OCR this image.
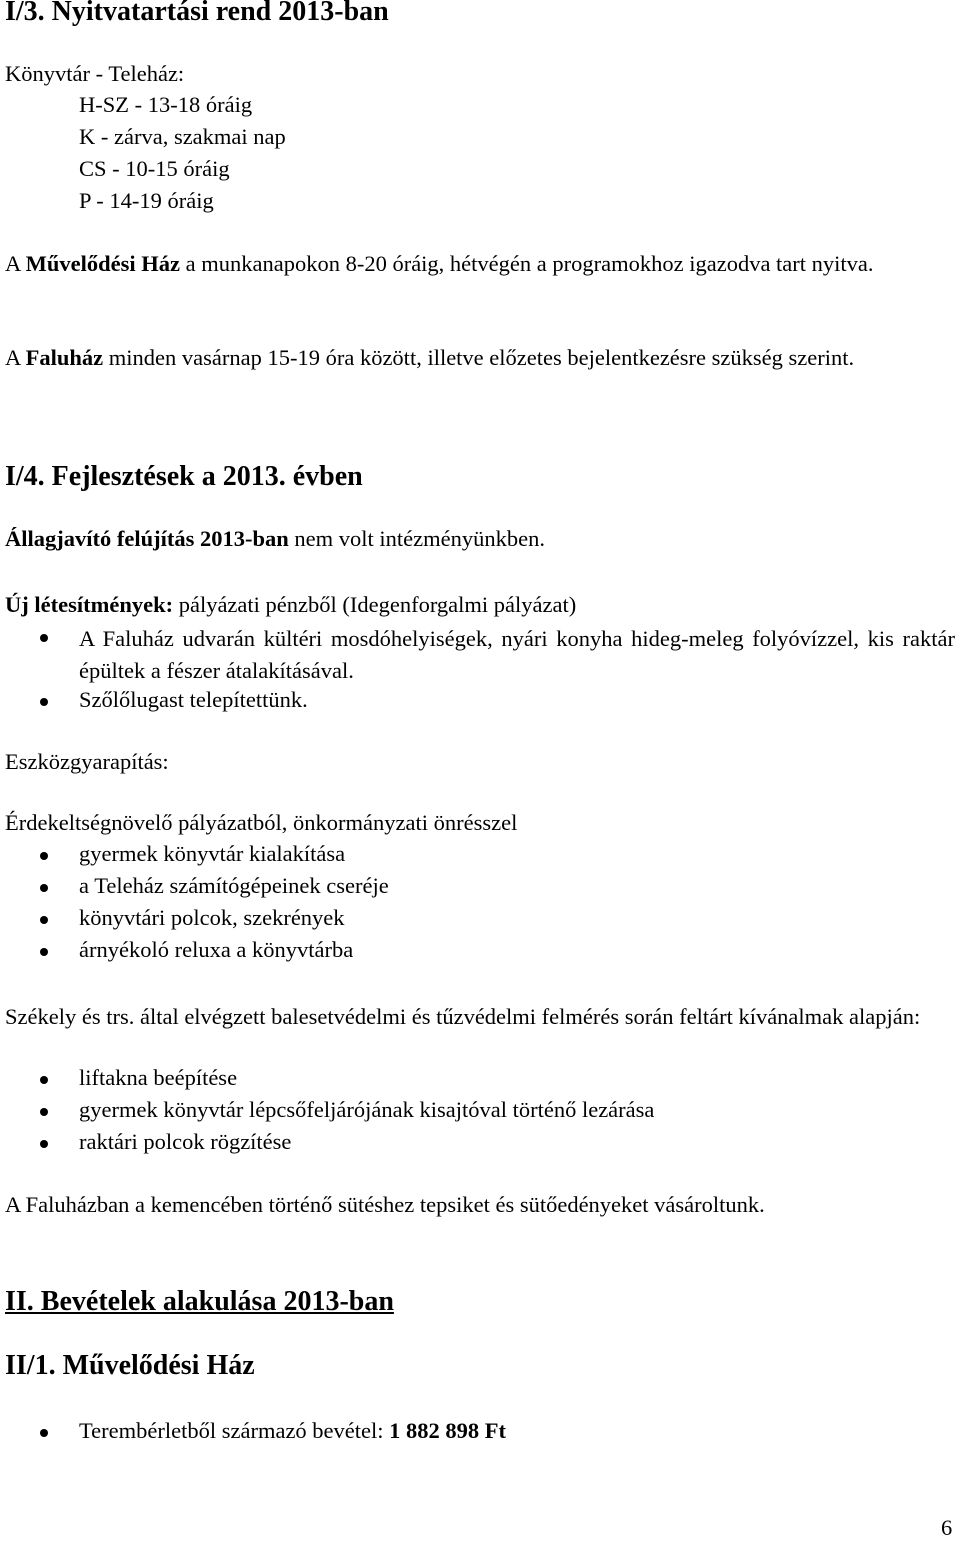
I/3. Nyitvatartási rend 2013-ban

Könyvtár - Teleház:

H-SZ - 13-18 óráig

K - zárva, szakmai nap

CS - 10-15 óráig

P - 14-19 óráig

A Művelődési Ház a munkanapokon 8-20 óráig, hétvégén a programokhoz igazodva tart nyitva.

A Faluház minden vasárnap 15-19 óra között, illetve előzetes bejelentkezésre szükség szerint.

I/4. Fejlesztések a 2013. évben

Állagjavító felújítás 2013-ban nem volt intézményünkben.

Új létesítmények: pályázati pénzből (Idegenforgalmi pályázat)

A Faluház udvarán kültéri mosdóhelyiségek, nyári konyha hideg-meleg folyóvízzel, kis raktár épültek a fészer átalakításával.

Szőlőlugast telepítettünk.

Eszközgyarapítás:

Érdekeltségnövelő pályázatból, önkormányzati önrésszel

gyermek könyvtár kialakítása

a Teleház számítógépeinek cseréje

könyvtári polcok, szekrények

árnyékoló reluxa a könyvtárba

Székely és trs. által elvégzett balesetvédelmi és tűzvédelmi felmérés során feltárt kívánalmak alapján:

liftakna beépítése

gyermek könyvtár lépcsőfeljárójának kisajtóval történő lezárása

raktári polcok rögzítése

A Faluházban a kemencében történő sütéshez tepsiket és sütőedényeket vásároltunk.

II. Bevételek alakulása 2013-ban
II/1. Művelődési Ház

Terembérletből származó bevétel: 1 882 898 Ft

6
